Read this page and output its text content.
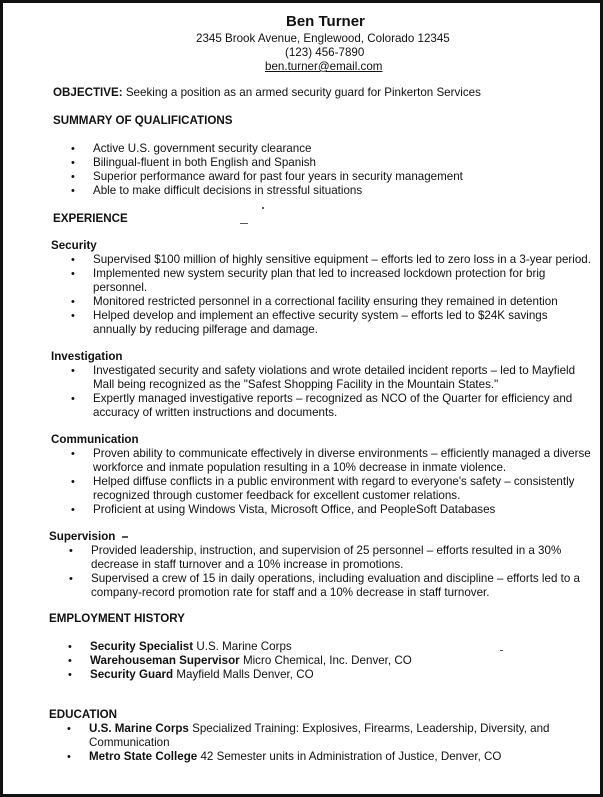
Ben Turner
2345 Brook Avenue, Englewood, Colorado 12345
(123) 456-7890
ben.turner@email.com
OBJECTIVE: Seeking a position as an armed security guard for Pinkerton Services
SUMMARY OF QUALIFICATIONS
• Active U.S. government security clearance
• Bilingual-fluent in both English and Spanish
• Superior performance award for past four years in security management
• Able to make difficult decisions in stressful situations
EXPERIENCE
Security
• Supervised $100 million of highly sensitive equipment – efforts led to zero loss in a 3-year period.
• Implemented new system security plan that led to increased lockdown protection for brig personnel.
• Monitored restricted personnel in a correctional facility ensuring they remained in detention
• Helped develop and implement an effective security system – efforts led to $24K savings annually by reducing pilferage and damage.
Investigation
• Investigated security and safety violations and wrote detailed incident reports – led to Mayfield Mall being recognized as the "Safest Shopping Facility in the Mountain States."
• Expertly managed investigative reports – recognized as NCO of the Quarter for efficiency and accuracy of written instructions and documents.
Communication
• Proven ability to communicate effectively in diverse environments – efficiently managed a diverse workforce and inmate population resulting in a 10% decrease in inmate violence.
• Helped diffuse conflicts in a public environment with regard to everyone's safety – consistently recognized through customer feedback for excellent customer relations.
• Proficient at using Windows Vista, Microsoft Office, and PeopleSoft Databases
Supervision
• Provided leadership, instruction, and supervision of 25 personnel – efforts resulted in a 30% decrease in staff turnover and a 10% increase in promotions.
• Supervised a crew of 15 in daily operations, including evaluation and discipline – efforts led to a company-record promotion rate for staff and a 10% decrease in staff turnover.
EMPLOYMENT HISTORY
• Security Specialist U.S. Marine Corps
• Warehouseman Supervisor Micro Chemical, Inc. Denver, CO
• Security Guard Mayfield Malls Denver, CO
EDUCATION
• U.S. Marine Corps Specialized Training: Explosives, Firearms, Leadership, Diversity, and Communication
• Metro State College 42 Semester units in Administration of Justice, Denver, CO
